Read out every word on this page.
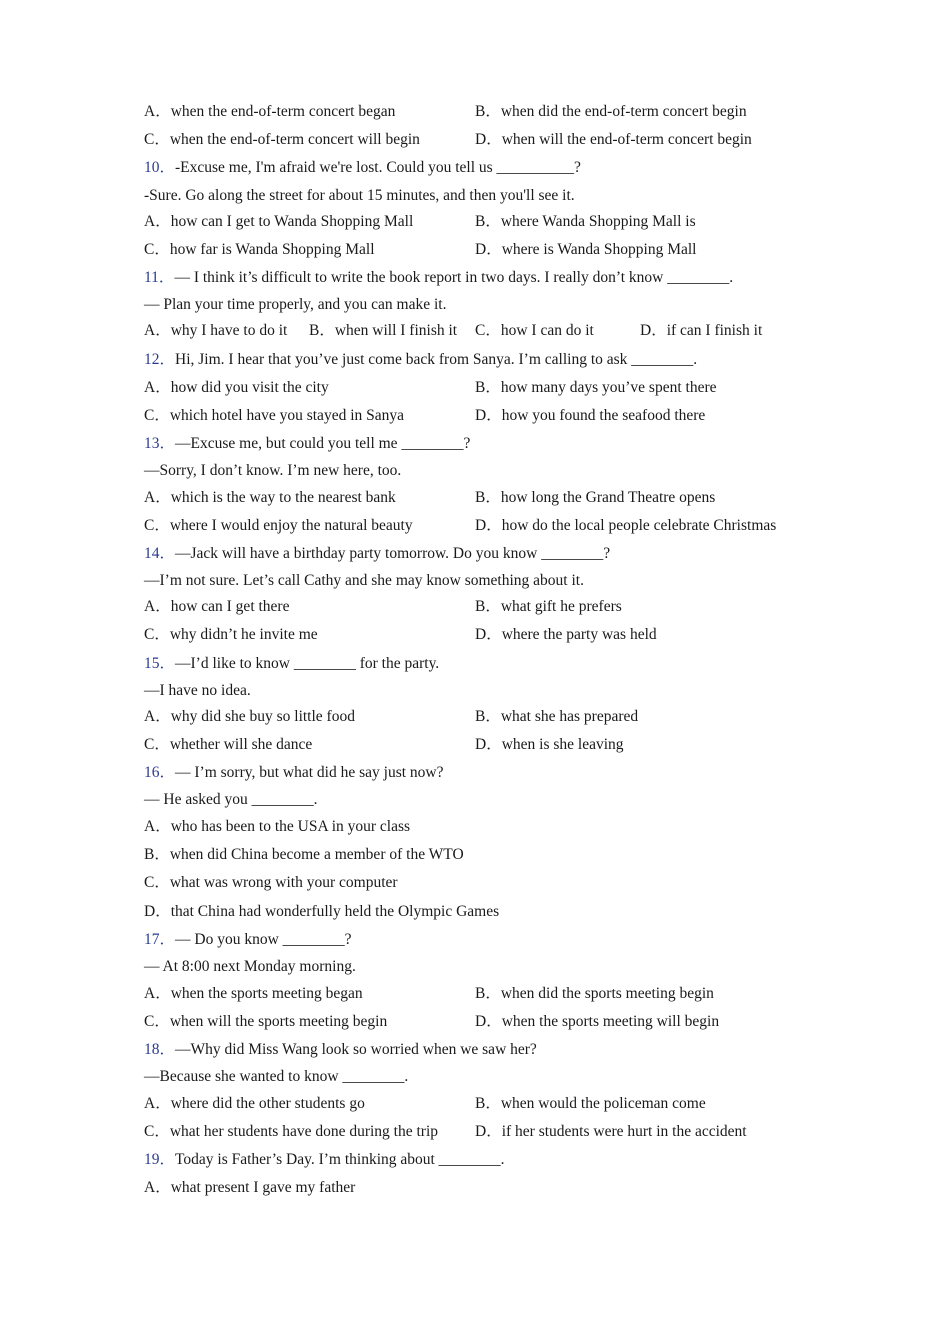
A．when the end-of-term concert began	B．when did the end-of-term concert begin
C．when the end-of-term concert will begin	D．when will the end-of-term concert begin
10．-Excuse me, I'm afraid we're lost. Could you tell us __________?
-Sure. Go along the street for about 15 minutes, and then you'll see it.
A．how can I get to Wanda Shopping Mall	B．where Wanda Shopping Mall is
C．how far is Wanda Shopping Mall	D．where is Wanda Shopping Mall
11．— I think it’s difficult to write the book report in two days. I really don’t know ________.
— Plan your time properly, and you can make it.
A．why I have to do it B．when will I finish it C．how I can do it	D．if can I finish it
12．Hi, Jim. I hear that you’ve just come back from Sanya. I’m calling to ask ________.
A．how did you visit the city	B．how many days you’ve spent there
C．which hotel have you stayed in Sanya	D．how you found the seafood there
13．—Excuse me, but could you tell me ________?
—Sorry, I don’t know. I’m new here, too.
A．which is the way to the nearest bank	B．how long the Grand Theatre opens
C．where I would enjoy the natural beauty	D．how do the local people celebrate Christmas
14．—Jack will have a birthday party tomorrow. Do you know ________?
—I’m not sure. Let’s call Cathy and she may know something about it.
A．how can I get there	B．what gift he prefers
C．why didn’t he invite me	D．where the party was held
15．—I’d like to know ________ for the party.
—I have no idea.
A．why did she buy so little food	B．what she has prepared
C．whether will she dance	D．when is she leaving
16．— I’m sorry, but what did he say just now?
— He asked you ________.
A．who has been to the USA in your class
B．when did China become a member of the WTO
C．what was wrong with your computer
D．that China had wonderfully held the Olympic Games
17．— Do you know ________?
— At 8:00 next Monday morning.
A．when the sports meeting began	B．when did the sports meeting begin
C．when will the sports meeting begin	D．when the sports meeting will begin
18．—Why did Miss Wang look so worried when we saw her?
—Because she wanted to know ________.
A．where did the other students go	B．when would the policeman come
C．what her students have done during the trip D．if her students were hurt in the accident
19．Today is Father’s Day. I’m thinking about ________.
A．what present I gave my father
